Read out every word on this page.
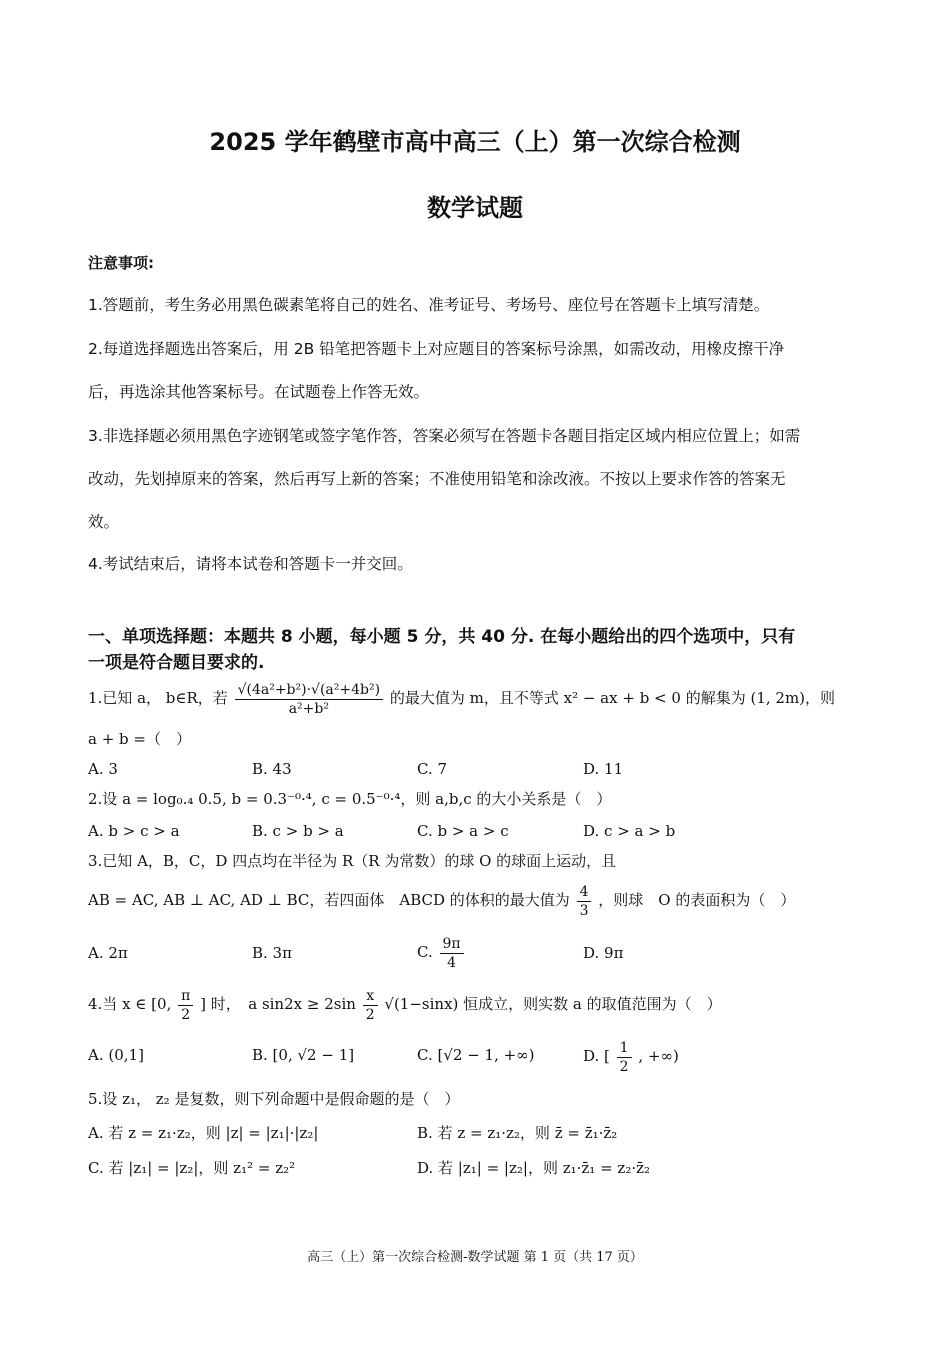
2025 学年鹤壁市高中高三（上）第一次综合检测
数学试题
注意事项:
1.答题前，考生务必用黑色碳素笔将自己的姓名、准考证号、考场号、座位号在答题卡上填写清楚。
2.每道选择题选出答案后，用 2B 铅笔把答题卡上对应题目的答案标号涂黑，如需改动，用橡皮擦干净
后，再选涂其他答案标号。在试题卷上作答无效。
3.非选择题必须用黑色字迹钢笔或签字笔作答，答案必须写在答题卡各题目指定区域内相应位置上；如需
改动，先划掉原来的答案，然后再写上新的答案；不准使用铅笔和涂改液。不按以上要求作答的答案无
效。
4.考试结束后，请将本试卷和答题卡一并交回。
一、单项选择题：本题共 8 小题，每小题 5 分，共 40 分. 在每小题给出的四个选项中，只有
一项是符合题目要求的.
1.已知 a， b∈R，若 $\frac{\text{√(4a²+b²)·√(a²+4b²)}}{\text{a²+b²}}$ 的最大值为 m，且不等式 x² − ax + b < 0 的解集为 (1, 2m)，则
a + b =（　）
A. 3	B. 43	C. 7	D. 11
2.设 a = log₀.₄ 0.5, b = 0.3⁻⁰·⁴, c = 0.5⁻⁰·⁴，则 a,b,c 的大小关系是（　）
A. b > c > a	B. c > b > a	C. b > a > c	D. c > a > b
3.已知 A，B，C，D 四点均在半径为 R（R 为常数）的球 O 的球面上运动，且
AB = AC, AB ⊥ AC, AD ⊥ BC，若四面体　ABCD 的体积的最大值为 $\frac{4}{3}$ ，则球　O 的表面积为（　）
A. 2π	B. 3π	C. $\frac{9\pi}{4}$	D. 9π
4.当 x ∈ [0, $\frac{\pi}{2}$ ] 时，　a $\sin 2x \ge 2\sin \frac{x}{2} √(1-\sin x)$ 恒成立，则实数 a 的取值范围为（　）
A. (0,1]	B. [0, √2 − 1]	C. [√2 − 1, +∞)	D. [ $\frac{1}{2}$ , +∞)
5.设 z₁， z₂ 是复数，则下列命题中是假命题的是（　）
A. 若 z = z₁·z₂，则 |z| = |z₁|·|z₂|	B. 若 z = z₁·z₂，则 z̄ = z̄₁·z̄₂
C. 若 |z₁| = |z₂|，则 z₁² = z₂²	D. 若 |z₁| = |z₂|，则 z₁·z̄₁ = z₂·z̄₂
高三（上）第一次综合检测-数学试题 第 1 页（共 17 页）
